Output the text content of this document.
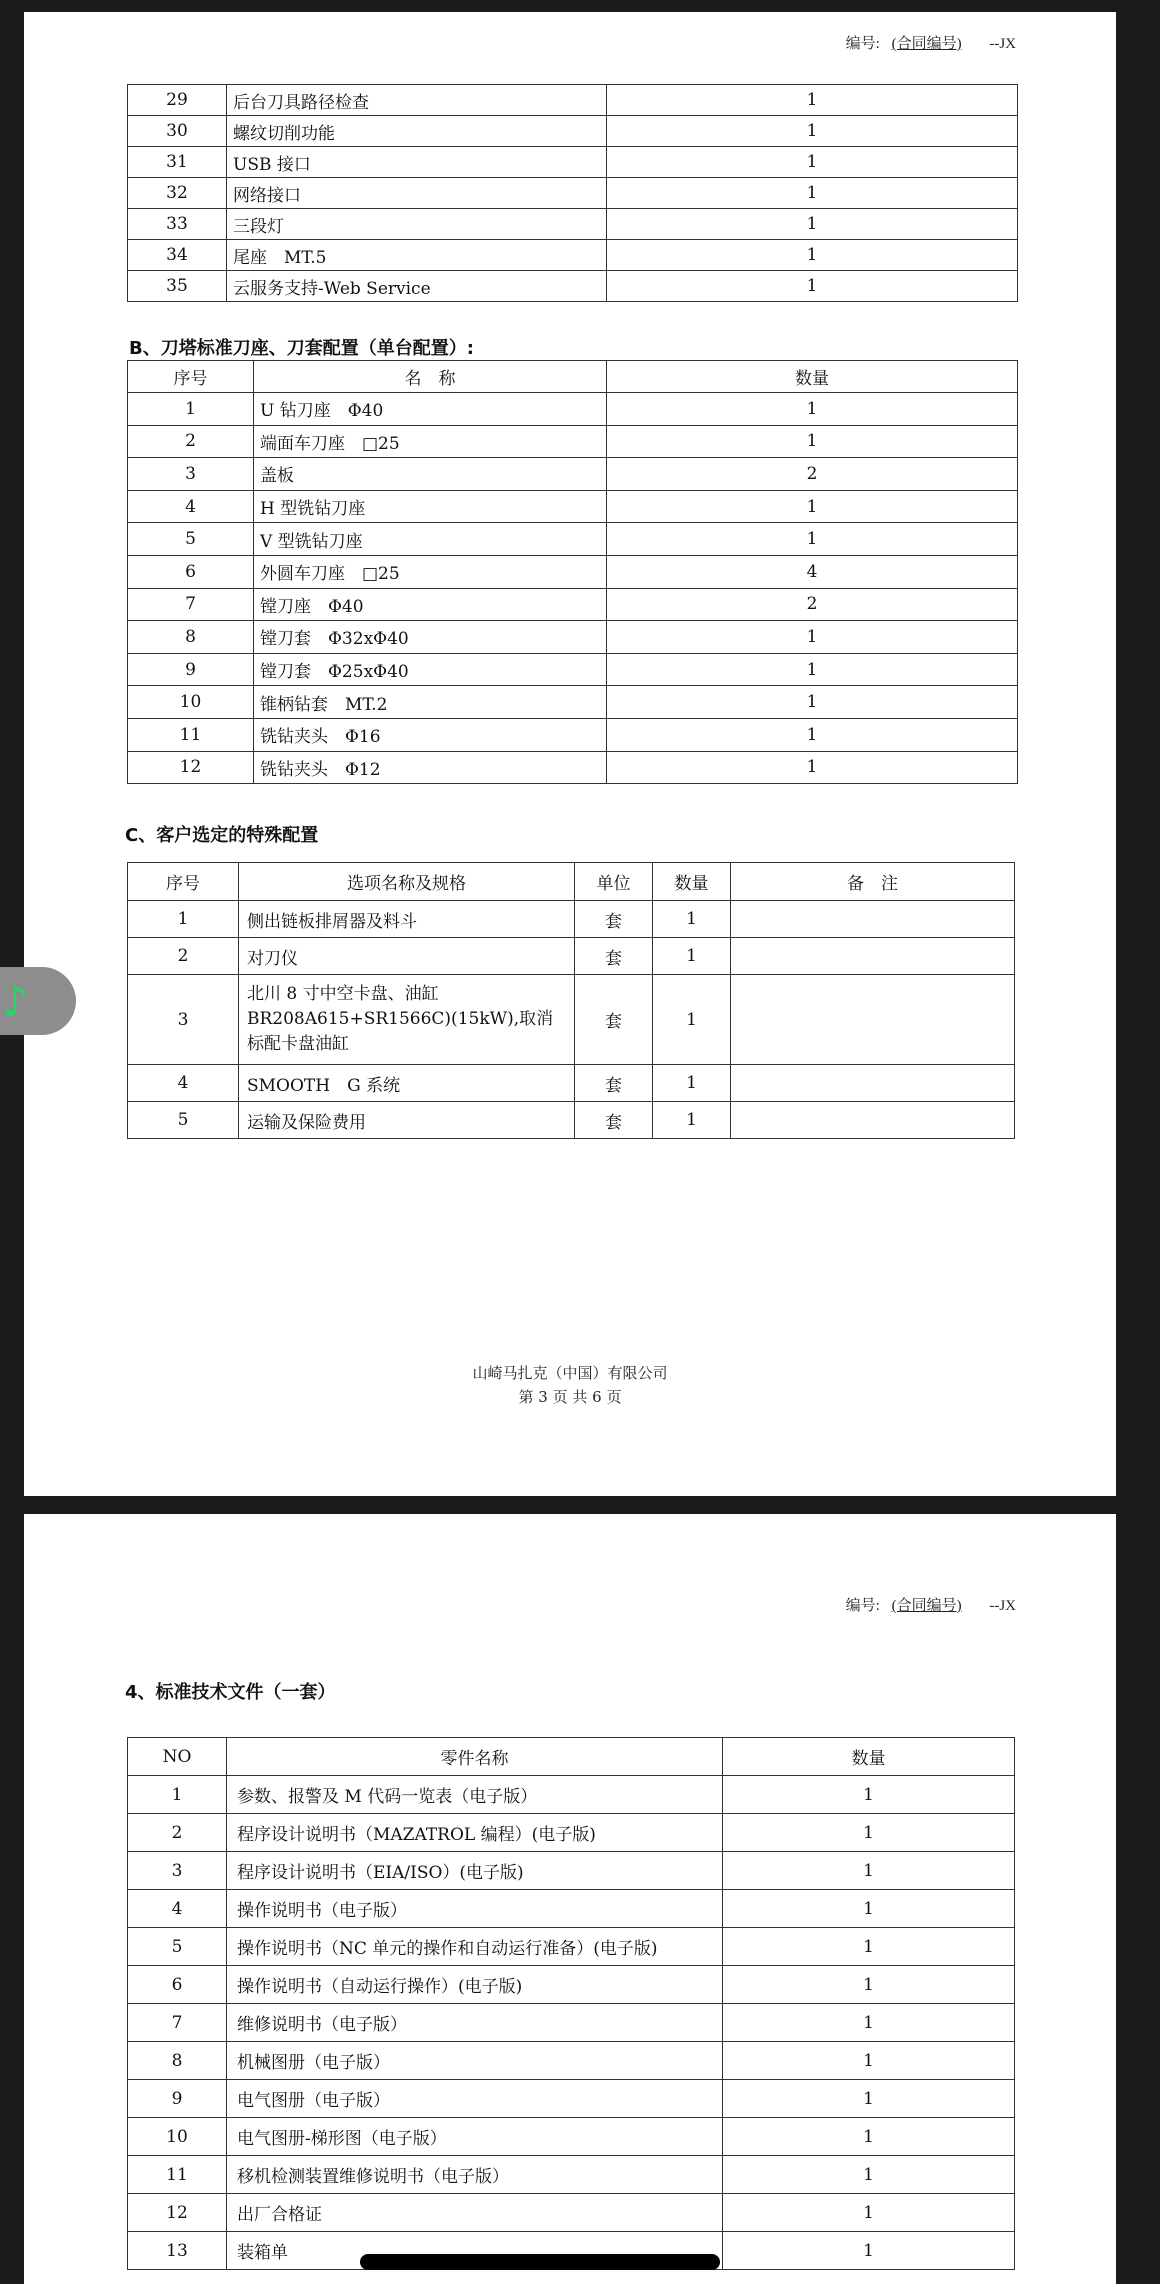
编号: (合同编号) --JX
29	后台刀具路径检查	1
30	螺纹切削功能	1
31	USB 接口	1
32	网络接口	1
33	三段灯	1
34	尾座　MT.5	1
35	云服务支持-Web Service	1
B、刀塔标准刀座、刀套配置（单台配置）:
序号	名　称	数量
1	U 钻刀座　Φ40	1
2	端面车刀座　□25	1
3	盖板	2
4	H 型铣钻刀座	1
5	V 型铣钻刀座	1
6	外圆车刀座　□25	4
7	镗刀座　Φ40	2
8	镗刀套　Φ32xΦ40	1
9	镗刀套　Φ25xΦ40	1
10	锥柄钻套　MT.2	1
11	铣钻夹头　Φ16	1
12	铣钻夹头　Φ12	1
C、客户选定的特殊配置
序号	选项名称及规格	单位	数量	备　注
1	侧出链板排屑器及料斗	套	1	
2	对刀仪	套	1	
3	北川 8 寸中空卡盘、油缸 BR208A615+SR1566C)(15kW),取消标配卡盘油缸	套	1	
4	SMOOTH　G 系统	套	1	
5	运输及保险费用	套	1	
山崎马扎克（中国）有限公司
第 3 页 共 6 页
编号: (合同编号) --JX
4、标准技术文件（一套）
NO	零件名称	数量
1	参数、报警及 M 代码一览表（电子版）	1
2	程序设计说明书（MAZATROL 编程）(电子版)	1
3	程序设计说明书（EIA/ISO）(电子版)	1
4	操作说明书（电子版）	1
5	操作说明书（NC 单元的操作和自动运行准备）(电子版)	1
6	操作说明书（自动运行操作）(电子版)	1
7	维修说明书（电子版）	1
8	机械图册（电子版）	1
9	电气图册（电子版）	1
10	电气图册-梯形图（电子版）	1
11	移机检测装置维修说明书（电子版）	1
12	出厂合格证	1
13	装箱单	1
♪
